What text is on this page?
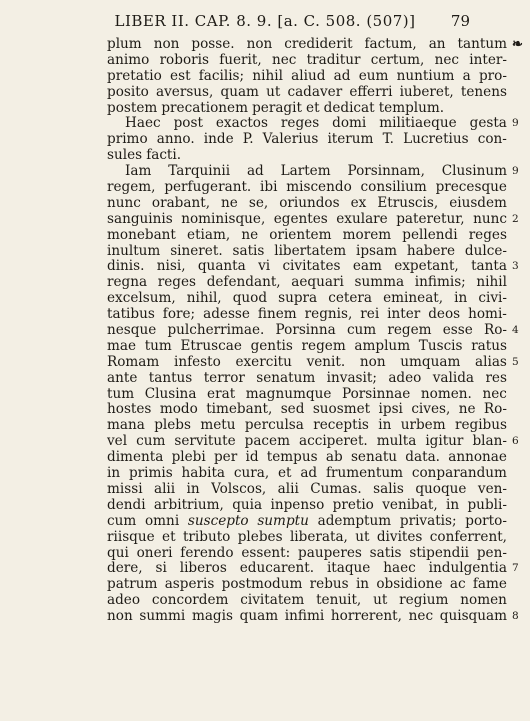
LIBER II. CAP. 8. 9. [a. C. 508. (507)]	79
plum non posse. non crediderit factum, an tantum ❧
animo roboris fuerit, nec traditur certum, nec inter-
pretatio est facilis; nihil aliud ad eum nuntium a pro-
posito aversus, quam ut cadaver efferri iuberet, tenens
postem precationem peragit et dedicat templum.
Haec post exactos reges domi militiaeque gesta 9
primo anno. inde P. Valerius iterum T. Lucretius con-
sules facti.
Iam Tarquinii ad Lartem Porsinnam, Clusinum 9
regem, perfugerant. ibi miscendo consilium precesque
nunc orabant, ne se, oriundos ex Etruscis, eiusdem
sanguinis nominisque, egentes exulare pateretur, nunc 2
monebant etiam, ne orientem morem pellendi reges
inultum sineret. satis libertatem ipsam habere dulce-
dinis. nisi, quanta vi civitates eam expetant, tanta 3
regna reges defendant, aequari summa infimis; nihil
excelsum, nihil, quod supra cetera emineat, in civi-
tatibus fore; adesse finem regnis, rei inter deos homi-
nesque pulcherrimae. Porsinna cum regem esse Ro- 4
mae tum Etruscae gentis regem amplum Tuscis ratus
Romam infesto exercitu venit. non umquam alias 5
ante tantus terror senatum invasit; adeo valida res
tum Clusina erat magnumque Porsinnae nomen. nec
hostes modo timebant, sed suosmet ipsi cives, ne Ro-
mana plebs metu perculsa receptis in urbem regibus
vel cum servitute pacem acciperet. multa igitur blan- 6
dimenta plebi per id tempus ab senatu data. annonae
in primis habita cura, et ad frumentum conparandum
missi alii in Volscos, alii Cumas. salis quoque ven-
dendi arbitrium, quia inpenso pretio venibat, in publi-
cum omni suscepto sumptu ademptum privatis; porto-
riisque et tributo plebes liberata, ut divites conferrent,
qui oneri ferendo essent: pauperes satis stipendii pen-
dere, si liberos educarent. itaque haec indulgentia 7
patrum asperis postmodum rebus in obsidione ac fame
adeo concordem civitatem tenuit, ut regium nomen
non summi magis quam infimi horrerent, nec quisquam 8
